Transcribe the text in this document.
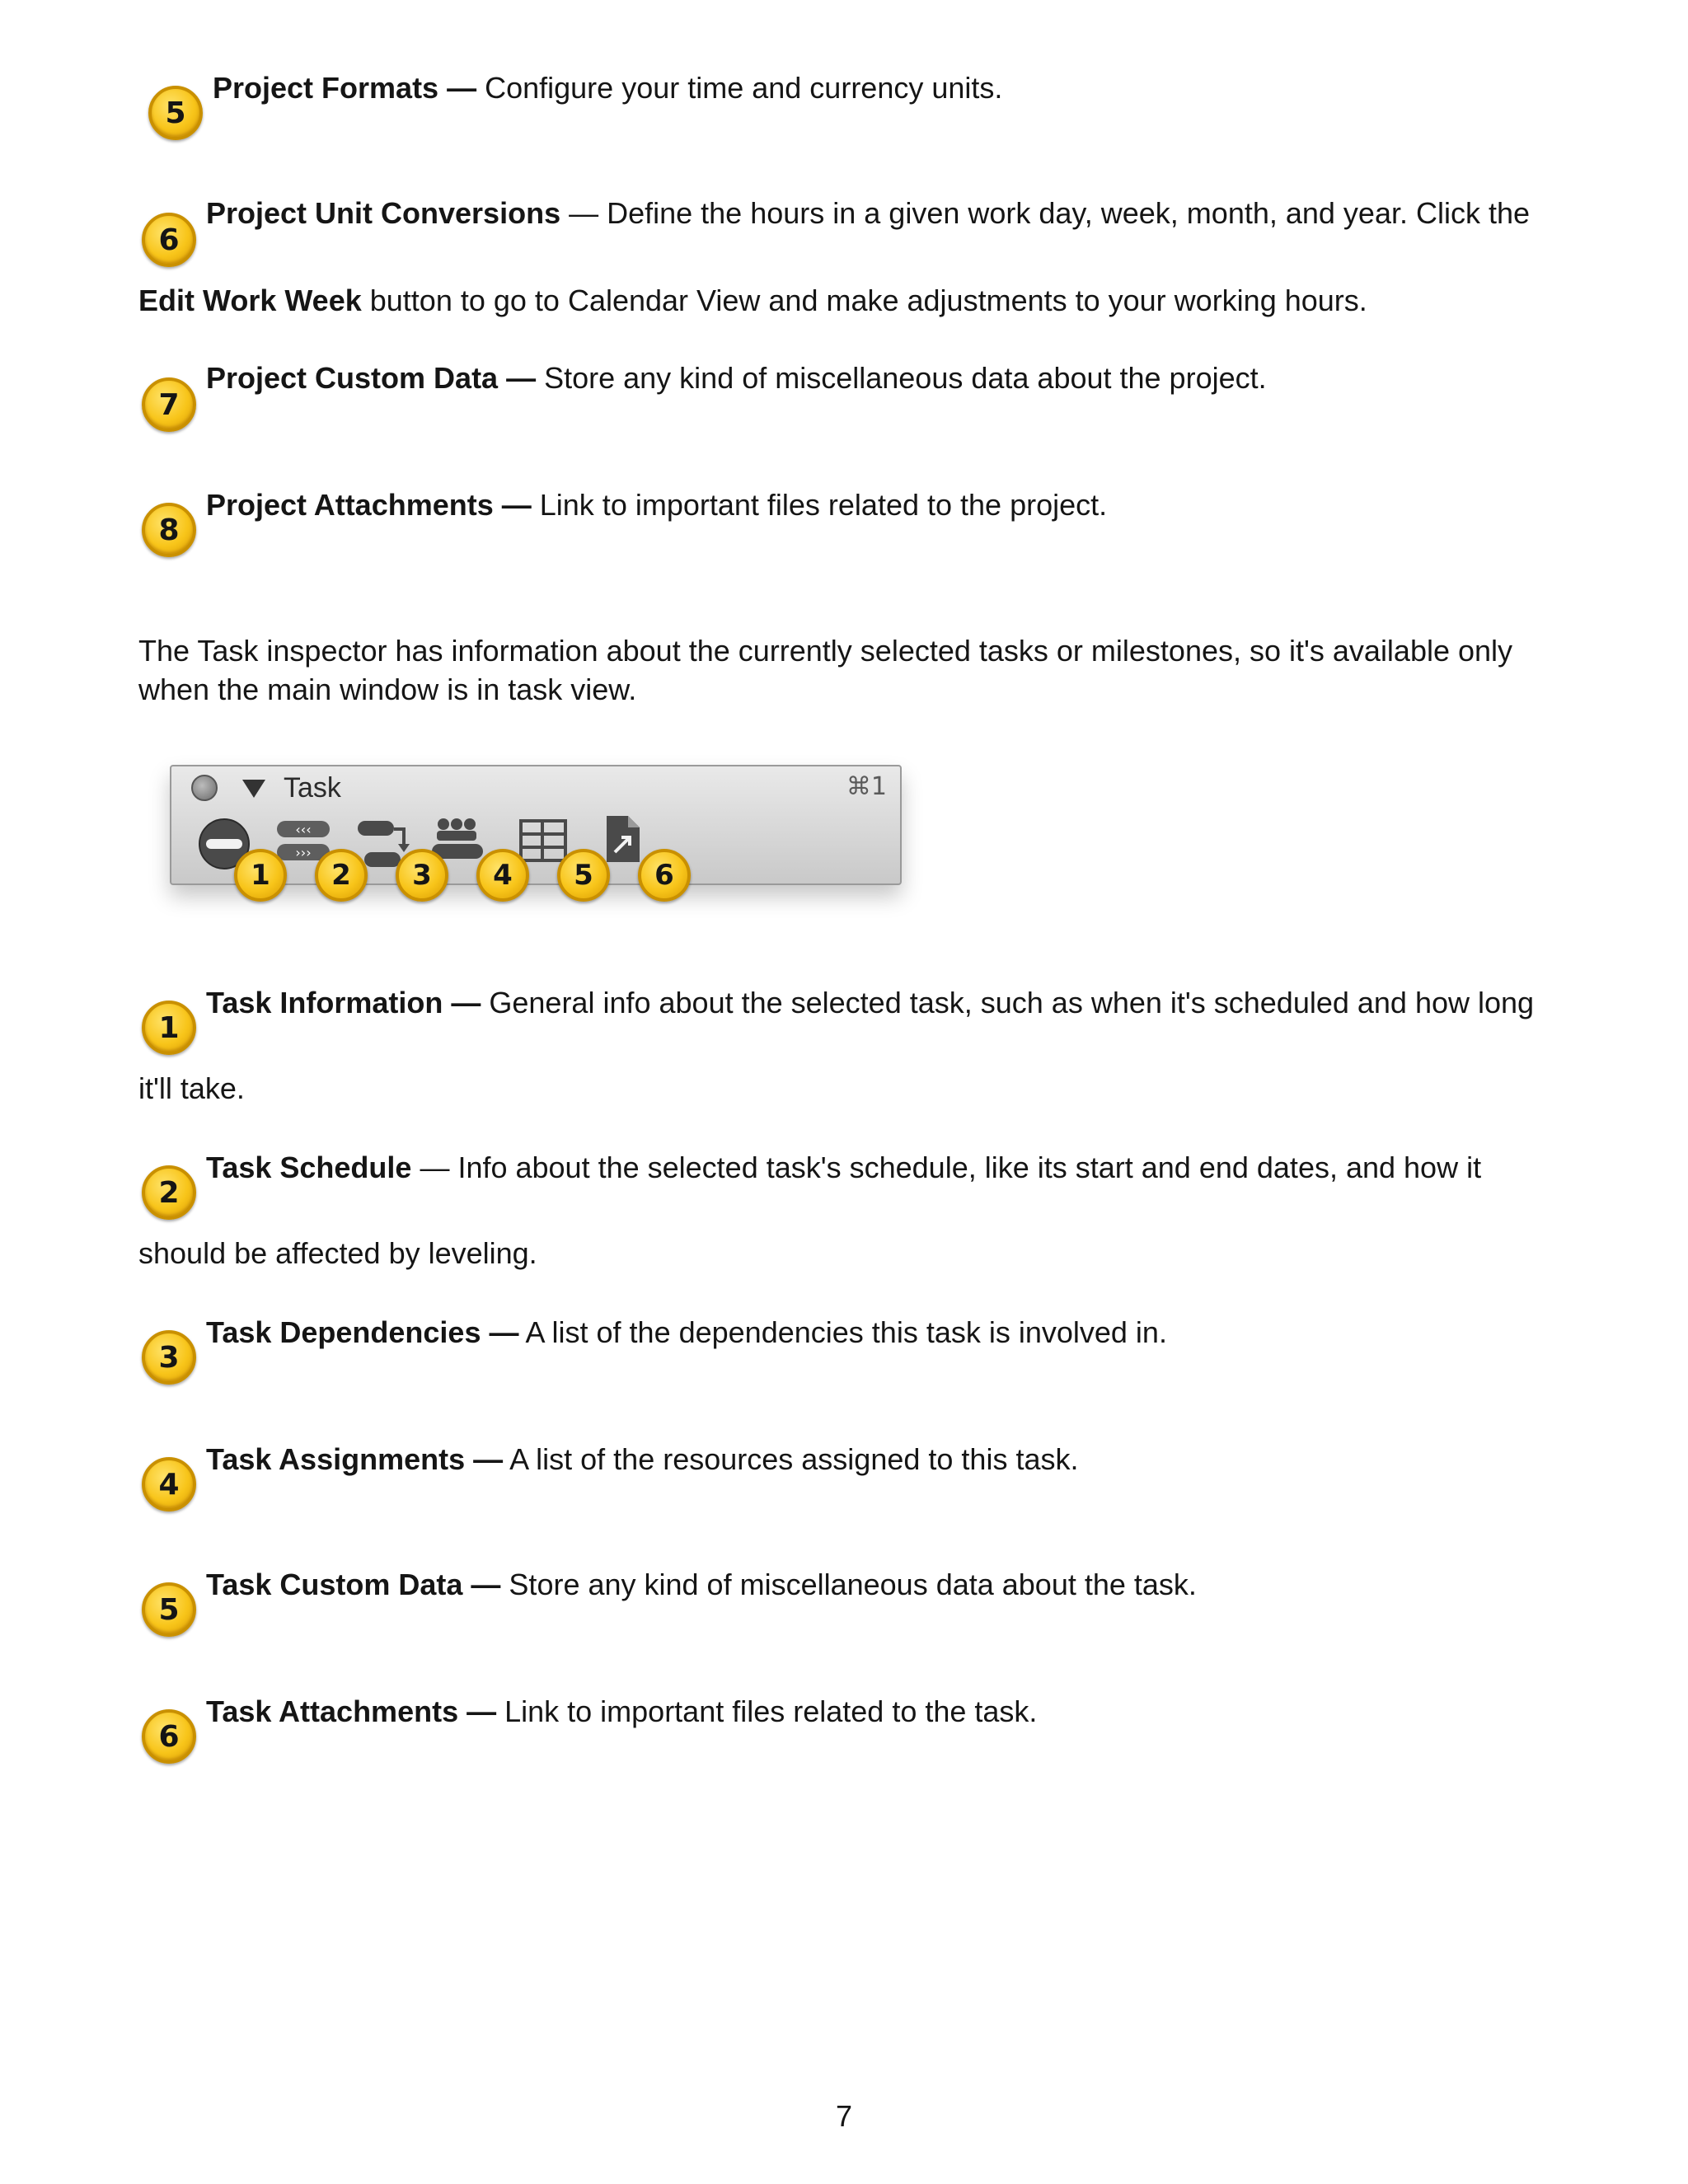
5
Project Formats — Configure your time and currency units.
6
Project Unit Conversions — Define the hours in a given work day, week, month, and year. Click the
Edit Work Week button to go to Calendar View and make adjustments to your working hours.
7
Project Custom Data — Store any kind of miscellaneous data about the project.
8
Project Attachments — Link to important files related to the project.
The Task inspector has information about the currently selected tasks or milestones, so it's available only
when the main window is in task view.
Task	⌘1
‹‹‹
›››
1	2	3	4	5	6
1
Task Information — General info about the selected task, such as when it's scheduled and how long
it'll take.
2
Task Schedule — Info about the selected task's schedule, like its start and end dates, and how it
should be affected by leveling.
3
Task Dependencies — A list of the dependencies this task is involved in.
4
Task Assignments — A list of the resources assigned to this task.
5
Task Custom Data — Store any kind of miscellaneous data about the task.
6
Task Attachments — Link to important files related to the task.
7
